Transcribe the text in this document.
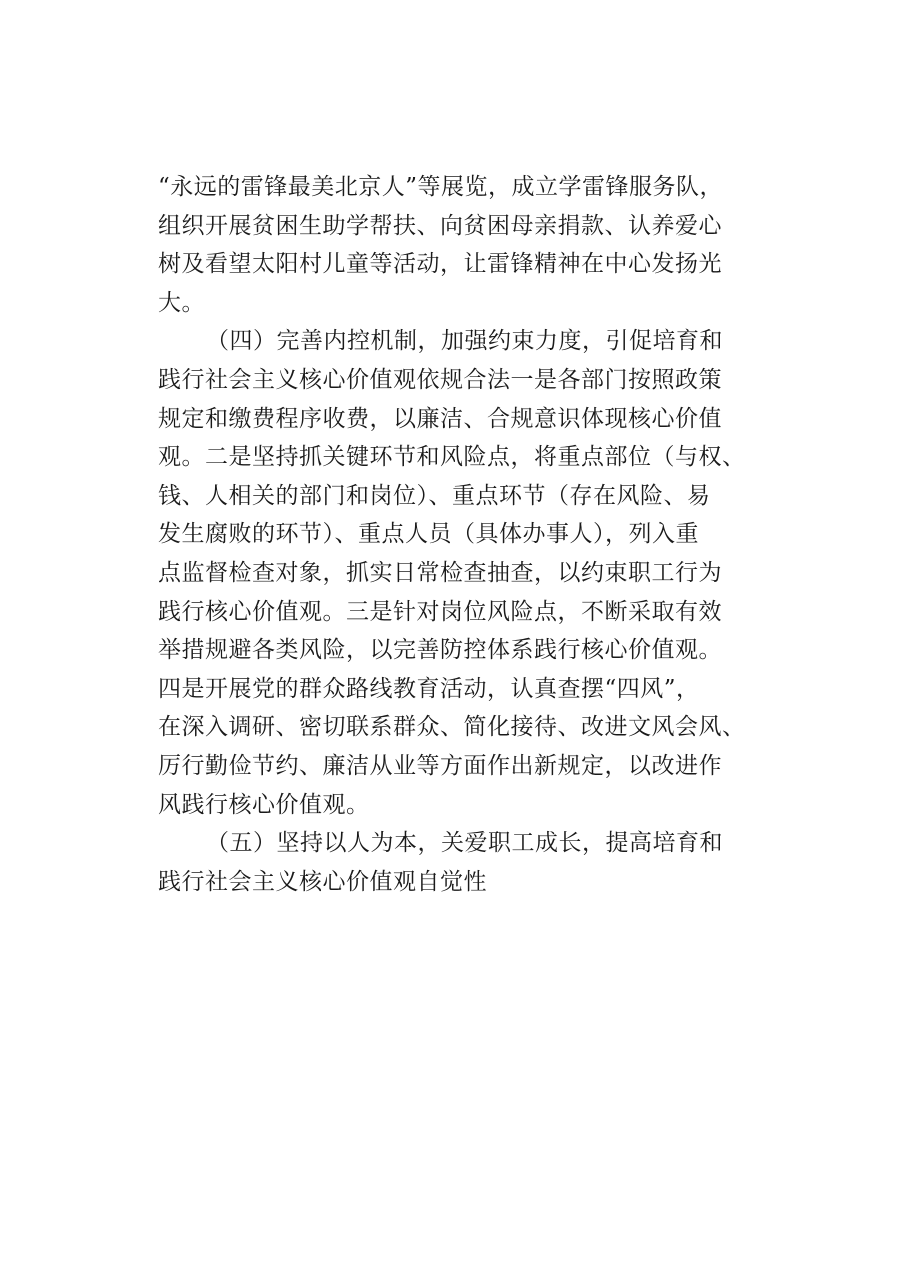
“永远的雷锋最美北京人”等展览，成立学雷锋服务队，
组织开展贫困生助学帮扶、向贫困母亲捐款、认养爱心
树及看望太阳村儿童等活动，让雷锋精神在中心发扬光
大。
（四）完善内控机制，加强约束力度，引促培育和
践行社会主义核心价值观依规合法一是各部门按照政策
规定和缴费程序收费，以廉洁、合规意识体现核心价值
观。二是坚持抓关键环节和风险点，将重点部位（与权、
钱、人相关的部门和岗位）、重点环节（存在风险、易
发生腐败的环节）、重点人员（具体办事人），列入重
点监督检查对象，抓实日常检查抽查，以约束职工行为
践行核心价值观。三是针对岗位风险点，不断采取有效
举措规避各类风险，以完善防控体系践行核心价值观。
四是开展党的群众路线教育活动，认真查摆“四风”，
在深入调研、密切联系群众、简化接待、改进文风会风、
厉行勤俭节约、廉洁从业等方面作出新规定，以改进作
风践行核心价值观。
（五）坚持以人为本，关爱职工成长，提高培育和
践行社会主义核心价值观自觉性
